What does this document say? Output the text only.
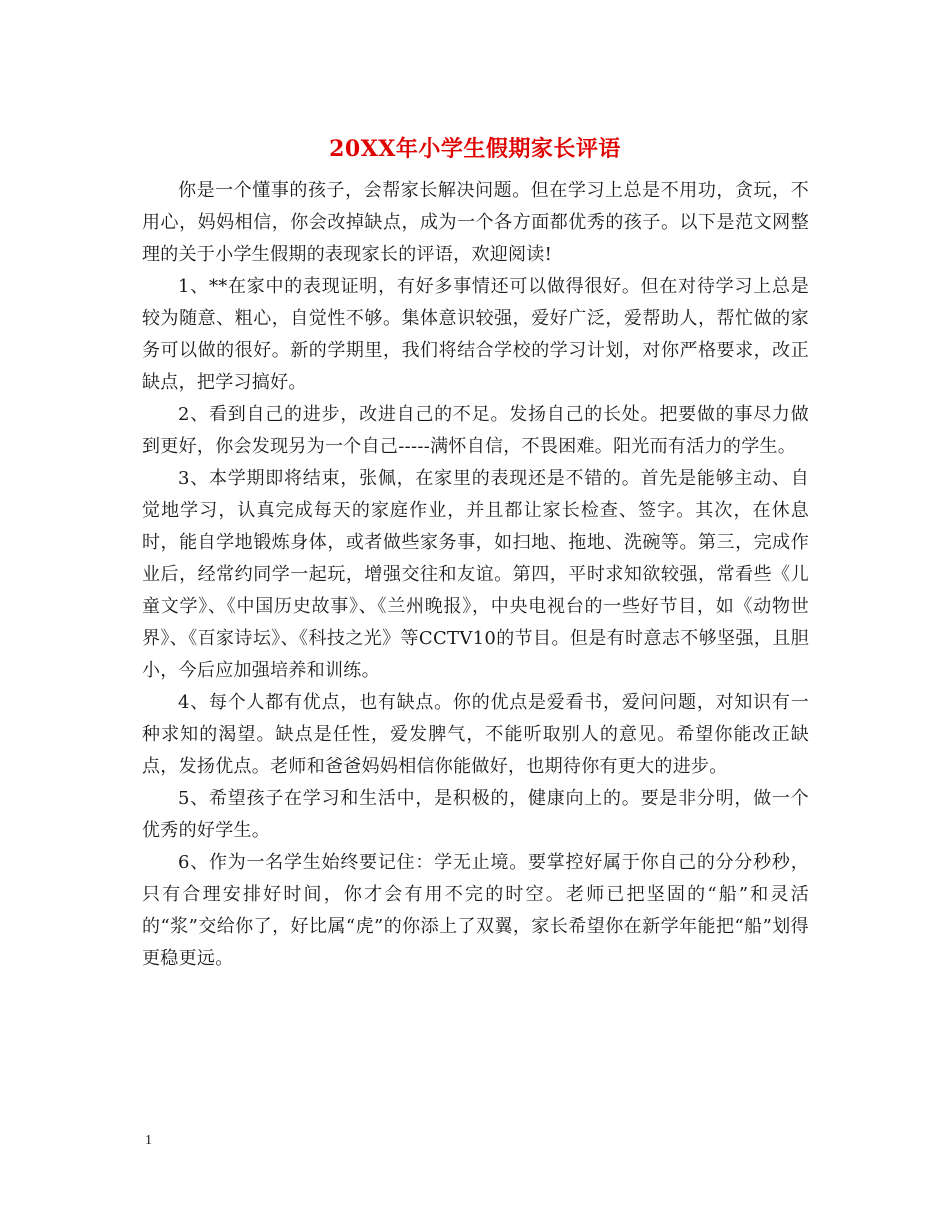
20XX年小学生假期家长评语

你是一个懂事的孩子，会帮家长解决问题。但在学习上总是不用功，贪玩，不用心，妈妈相信，你会改掉缺点，成为一个各方面都优秀的孩子。以下是范文网整理的关于小学生假期的表现家长的评语，欢迎阅读!

1、**在家中的表现证明，有好多事情还可以做得很好。但在对待学习上总是较为随意、粗心，自觉性不够。集体意识较强，爱好广泛，爱帮助人，帮忙做的家务可以做的很好。新的学期里，我们将结合学校的学习计划，对你严格要求，改正缺点，把学习搞好。

2、看到自己的进步，改进自己的不足。发扬自己的长处。把要做的事尽力做到更好，你会发现另为一个自己-----满怀自信，不畏困难。阳光而有活力的学生。

3、本学期即将结束，张佩，在家里的表现还是不错的。首先是能够主动、自觉地学习，认真完成每天的家庭作业，并且都让家长检查、签字。其次，在休息时，能自学地锻炼身体，或者做些家务事，如扫地、拖地、洗碗等。第三，完成作业后，经常约同学一起玩，增强交往和友谊。第四，平时求知欲较强，常看些《儿童文学》、《中国历史故事》、《兰州晚报》，中央电视台的一些好节目，如《动物世界》、《百家诗坛》、《科技之光》等CCTV10的节目。但是有时意志不够坚强，且胆小，今后应加强培养和训练。

4、每个人都有优点，也有缺点。你的优点是爱看书，爱问问题，对知识有一种求知的渴望。缺点是任性，爱发脾气，不能听取别人的意见。希望你能改正缺点，发扬优点。老师和爸爸妈妈相信你能做好，也期待你有更大的进步。

5、希望孩子在学习和生活中，是积极的，健康向上的。要是非分明，做一个优秀的好学生。

6、作为一名学生始终要记住：学无止境。要掌控好属于你自己的分分秒秒，只有合理安排好时间，你才会有用不完的时空。老师已把坚固的“船”和灵活的“浆”交给你了，好比属“虎”的你添上了双翼，家长希望你在新学年能把“船”划得更稳更远。

1
